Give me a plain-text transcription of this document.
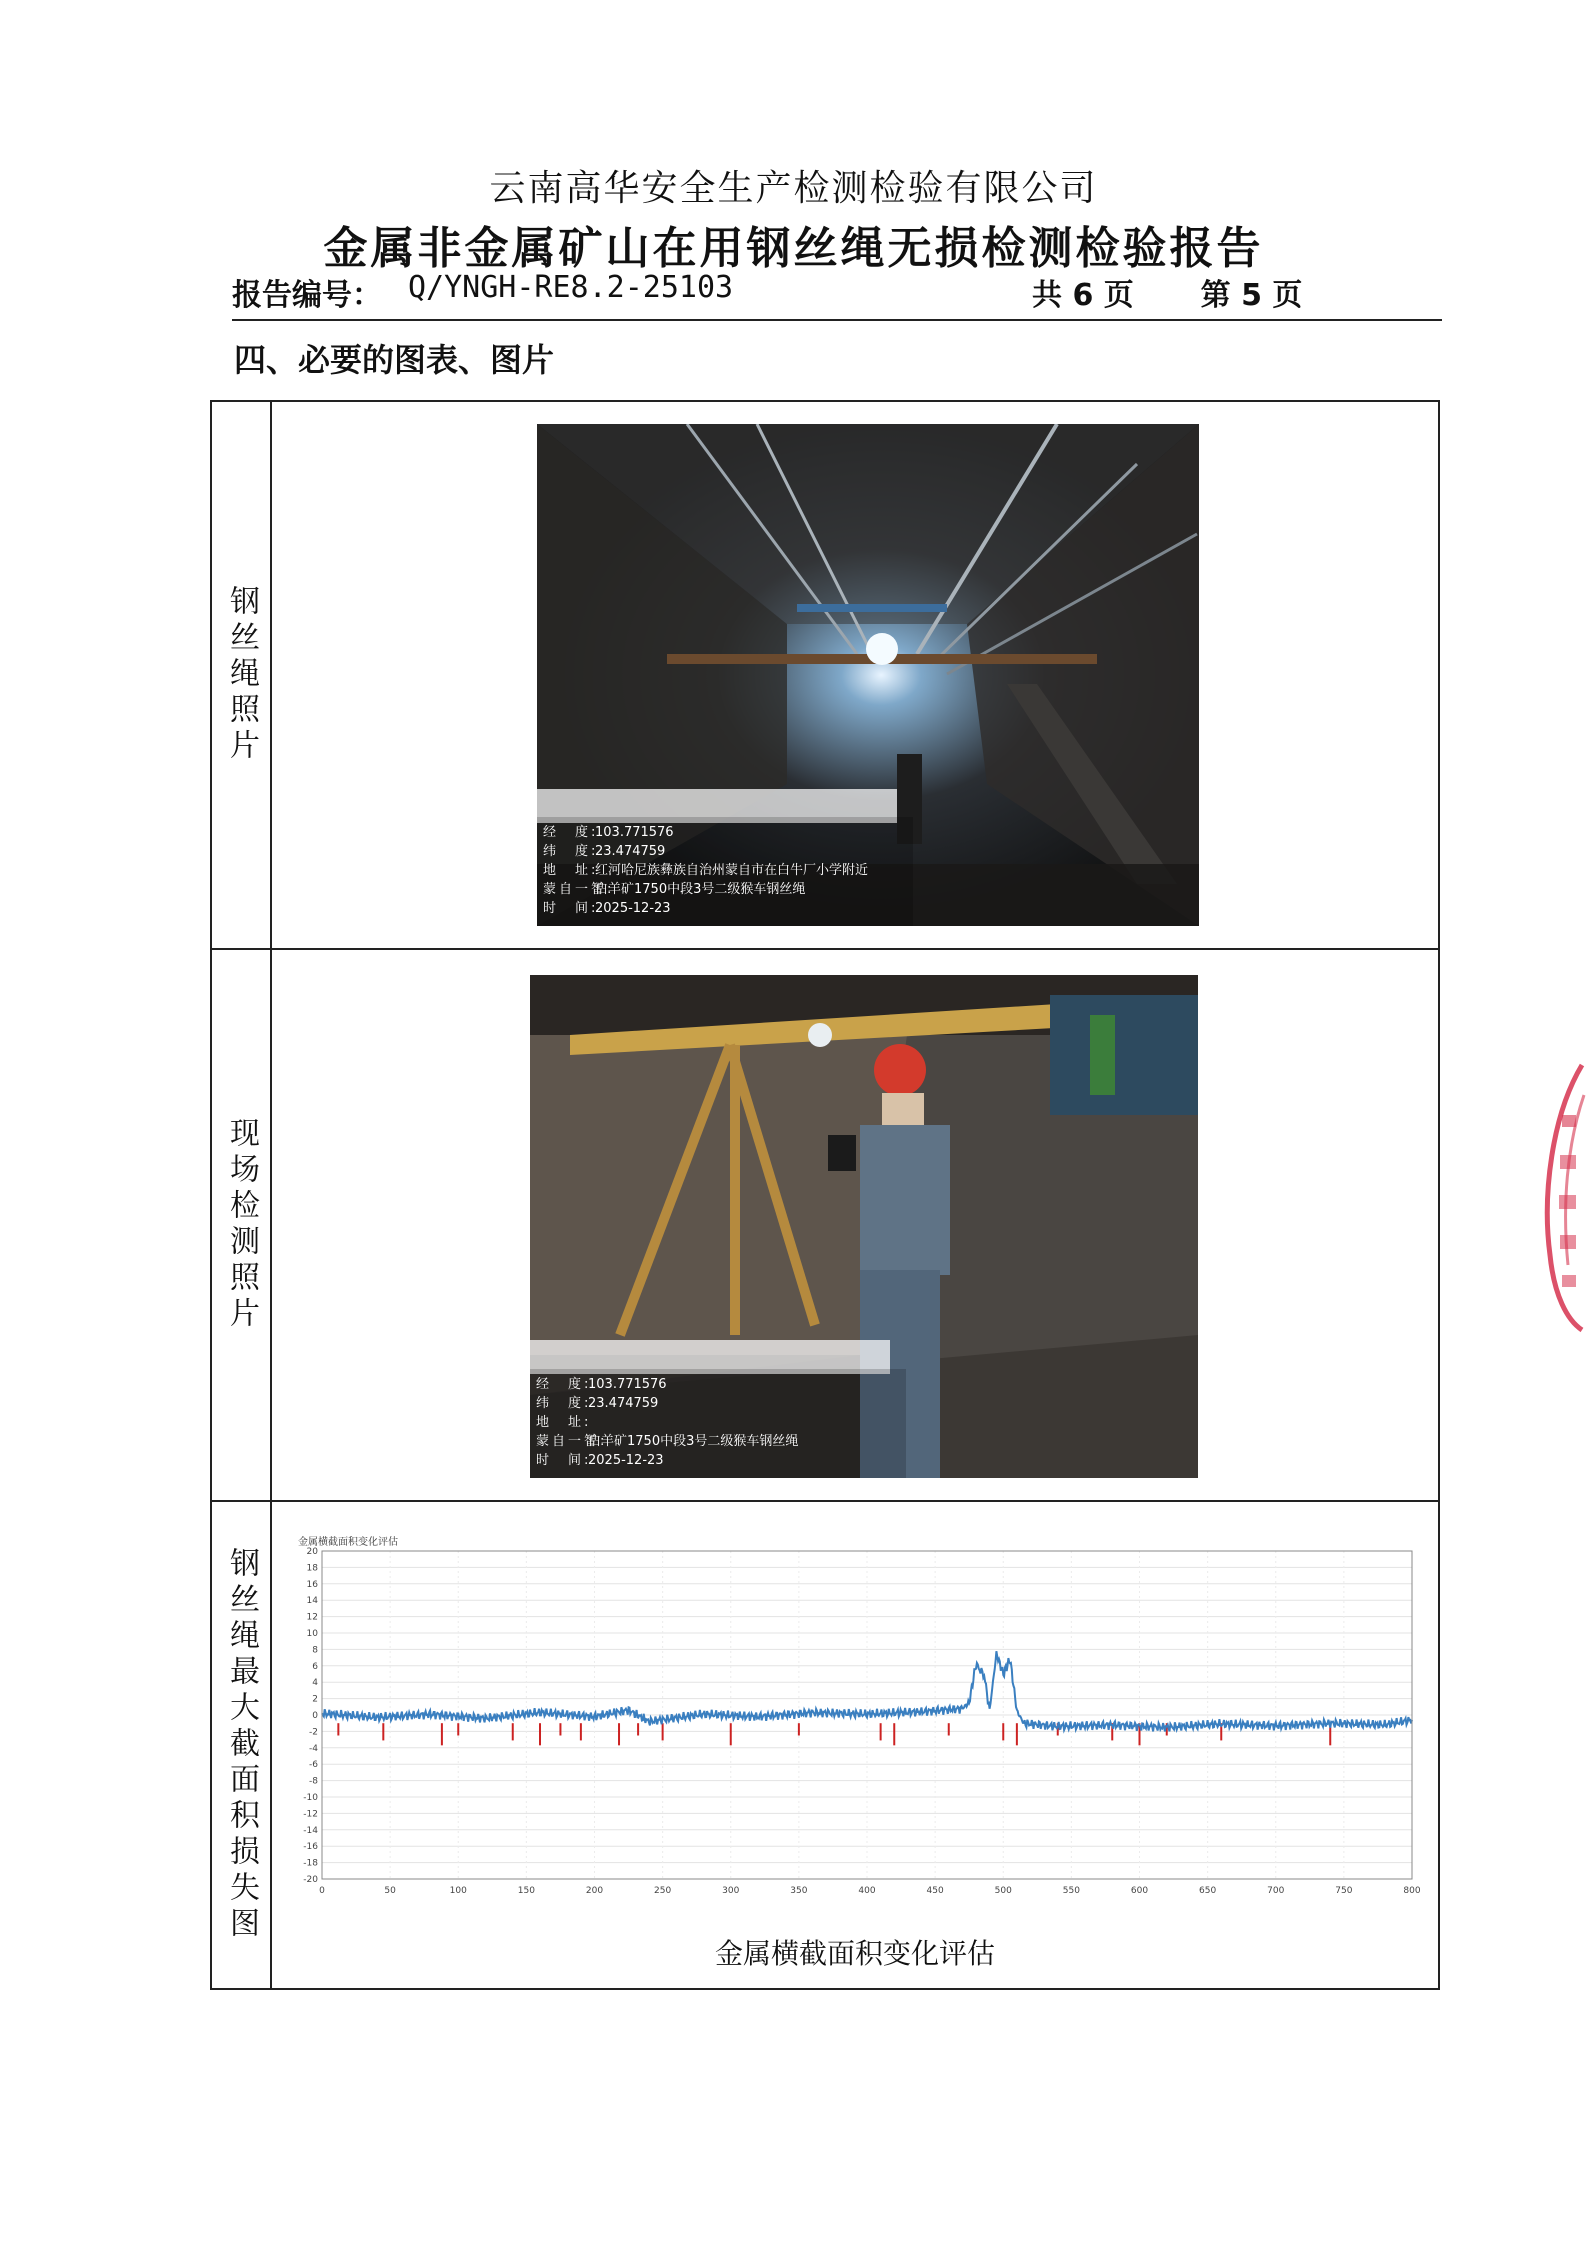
云南高华安全生产检测检验有限公司
金属非金属矿山在用钢丝绳无损检测检验报告
报告编号： Q/YNGH-RE8.2-25103	共 6 页 第 5 页
四、必要的图表、图片
钢丝绳照片
经　度:103.771576
纬　度:23.474759
地　址:红河哈尼族彝族自治州蒙自市在白牛厂小学附近
蒙自一智:白羊矿1750中段3号二级猴车钢丝绳
时　间:2025-12-23
现场检测照片
经　度:103.771576
纬　度:23.474759
地　址:
蒙自一智:白羊矿1750中段3号二级猴车钢丝绳
时　间:2025-12-23
钢丝绳最大截面积损失图
金属横截面积变化评估
金属横截面积变化评估
20
18
16
14
12
10
8
6
4
2
0
-2
-4
-6
-8
-10
-12
-14
-16
-18
-20
0	50	100	150	200	250	300	350	400	450	500	550	600	650	700	750	800
